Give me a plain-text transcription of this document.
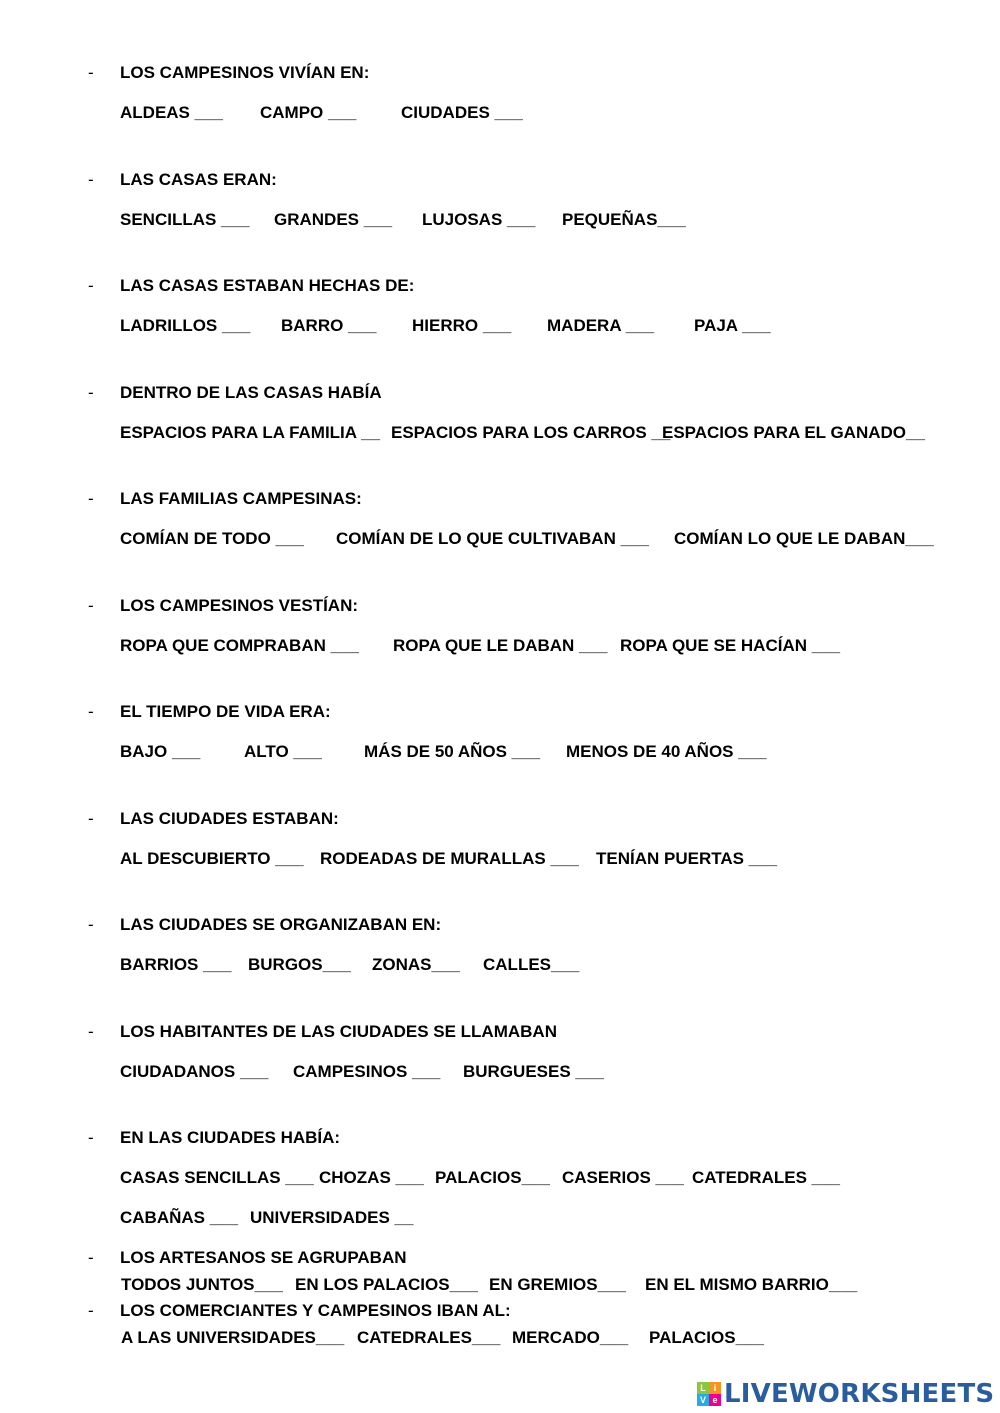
- LOS CAMPESINOS VIVÍAN EN:
ALDEAS ___ CAMPO ___	CIUDADES ___
- LAS CASAS ERAN:
SENCILLAS ___ GRANDES ___ LUJOSAS ___ PEQUEÑAS___
- LAS CASAS ESTABAN HECHAS DE:
LADRILLOS ___ BARRO ___ HIERRO ___ MADERA ___ PAJA ___
- DENTRO DE LAS CASAS HABÍA
ESPACIOS PARA LA FAMILIA __ ESPACIOS PARA LOS CARROS __
ESPACIOS PARA EL GANADO__
- LAS FAMILIAS CAMPESINAS:
COMÍAN DE TODO ___ COMÍAN DE LO QUE CULTIVABAN ___ COMÍAN LO QUE LE DABAN___
- LOS CAMPESINOS VESTÍAN:
ROPA QUE COMPRABAN ___ ROPA QUE LE DABAN ___ ROPA QUE SE HACÍAN ___
- EL TIEMPO DE VIDA ERA:
BAJO ___	ALTO ___ MÁS DE 50 AÑOS ___ MENOS DE 40 AÑOS ___
- LAS CIUDADES ESTABAN:
AL DESCUBIERTO ___ RODEADAS DE MURALLAS ___ TENÍAN PUERTAS ___
- LAS CIUDADES SE ORGANIZABAN EN:
BARRIOS ___ BURGOS___ ZONAS___ CALLES___
- LOS HABITANTES DE LAS CIUDADES SE LLAMABAN
CIUDADANOS ___ CAMPESINOS ___ BURGUESES ___
- EN LAS CIUDADES HABÍA:
CASAS SENCILLAS ___ CHOZAS ___ PALACIOS___ CASERIOS ___ CATEDRALES ___
CABAÑAS ___ UNIVERSIDADES __
- LOS ARTESANOS SE AGRUPABAN
TODOS JUNTOS___ EN LOS PALACIOS___ EN GREMIOS___ EN EL MISMO BARRIO___
- LOS COMERCIANTES Y CAMPESINOS IBAN AL:
A LAS UNIVERSIDADES___ CATEDRALES___ MERCADO___ PALACIOS___
L i
V e LIVEWORKSHEETS
